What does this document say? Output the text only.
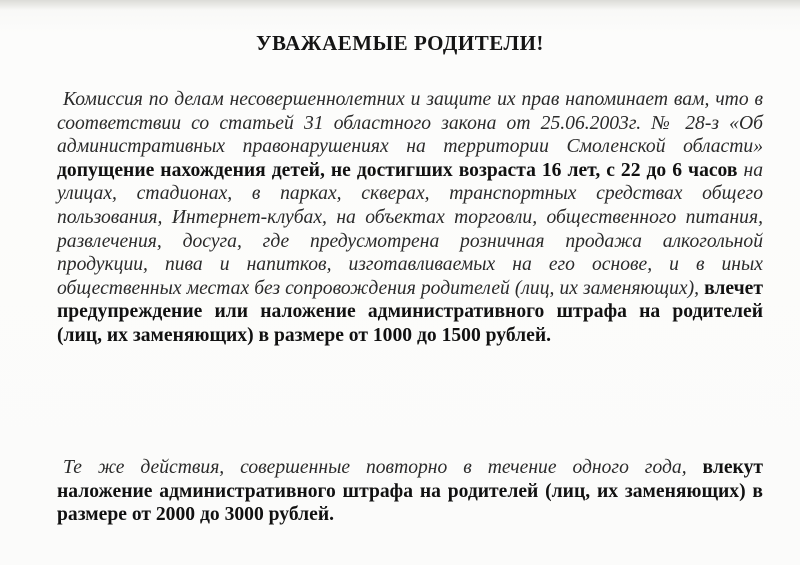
УВАЖАЕМЫЕ РОДИТЕЛИ!
Комиссия по делам несовершеннолетних и защите их прав напоминает вам, что в соответствии со статьей 31 областного закона от 25.06.2003г. № 28-з «Об административных правонарушениях на территории Смоленской области» допущение нахождения детей, не достигших возраста 16 лет, с 22 до 6 часов на улицах, стадионах, в парках, скверах, транспортных средствах общего пользования, Интернет-клубах, на объектах торговли, общественного питания, развлечения, досуга, где предусмотрена розничная продажа алкогольной продукции, пива и напитков, изготавливаемых на его основе, и в иных общественных местах без сопровождения родителей (лиц, их заменяющих), влечет предупреждение или наложение административного штрафа на родителей (лиц, их заменяющих) в размере от 1000 до 1500 рублей.
Те же действия, совершенные повторно в течение одного года, влекут наложение административного штрафа на родителей (лиц, их заменяющих) в размере от 2000 до 3000 рублей.
